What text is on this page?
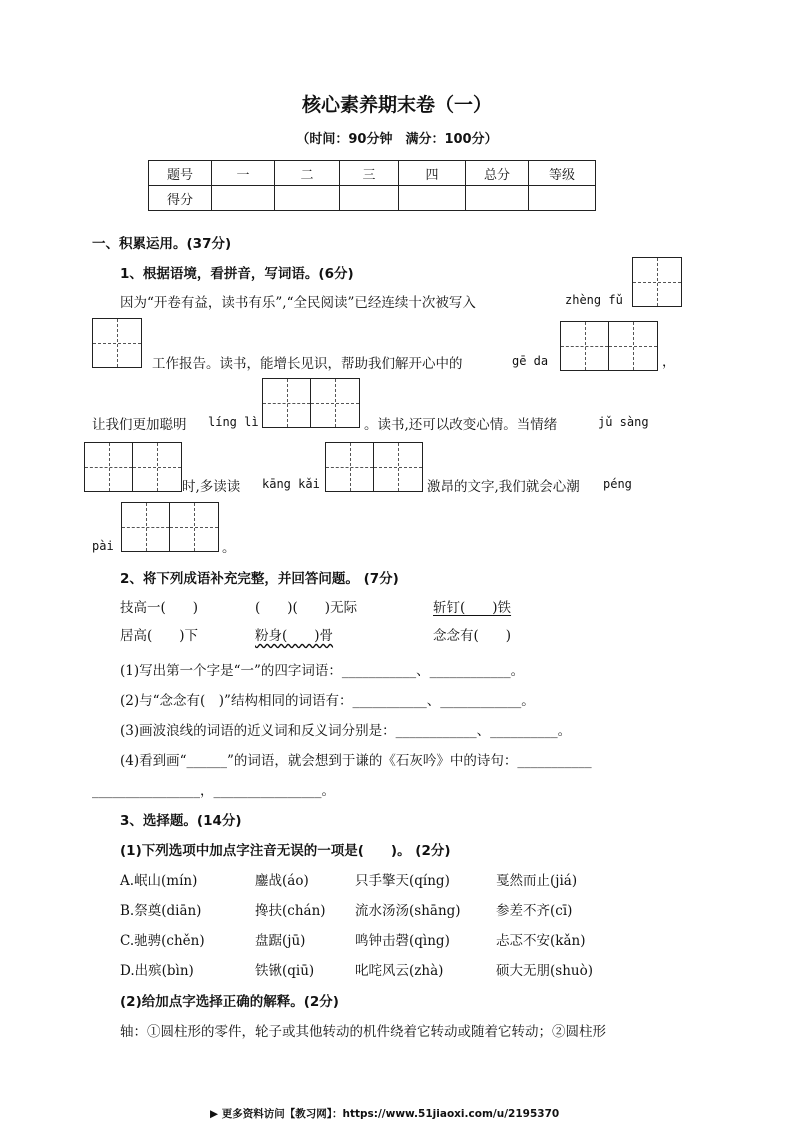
核心素养期末卷（一）
（时间：90分钟　满分：100分）
题号	一	二	三	四	总分	等级
得分						
一、积累运用。(37分)
1、根据语境，看拼音，写词语。(6分)
因为“开卷有益，读书有乐”,“全民阅读”已经连续十次被写入	zhèng fǔ
工作报告。读书，能增长见识，帮助我们解开心中的	gē da	，
让我们更加聪明 líng lì	。读书,还可以改变心情。当情绪	jǔ sàng
时,多读读 kāng kǎi	激昂的文字,我们就会心潮 péng
pài	。
2、将下列成语补充完整，并回答问题。 (7分)
技高一(　　)	(　　)(　　)无际	斩钉(　　)铁
居高(　　)下	粉身(　　)骨	念念有(　　)
(1)写出第一个字是“一”的四字词语：___________、____________。
(2)与“念念有(　)”结构相同的词语有：___________、____________。
(3)画波浪线的词语的近义词和反义词分别是：____________、__________。
(4)看到画“______”的词语，就会想到于谦的《石灰吟》中的诗句：___________
________________，________________。
3、选择题。(14分)
(1)下列选项中加点字注音无误的一项是(　　)。 (2分)
A.岷山(mín)	鏖战(áo)	只手擎天(qíng)	戛然而止(jiá)
B.祭奠(diān)	搀扶(chán) 流水汤汤(shāng)	参差不齐(cī)
C.驰骋(chěn)	盘踞(jū)	鸣钟击磬(qìng)	忐忑不安(kǎn)
D.出殡(bìn)	铁锹(qiū)	叱咤风云(zhà)	硕大无朋(shuò)
(2)给加点字选择正确的解释。(2分)
轴：①圆柱形的零件，轮子或其他转动的机件绕着它转动或随着它转动；②圆柱形
▶ 更多资料访问【教习网】：https://www.51jiaoxi.com/u/2195370
